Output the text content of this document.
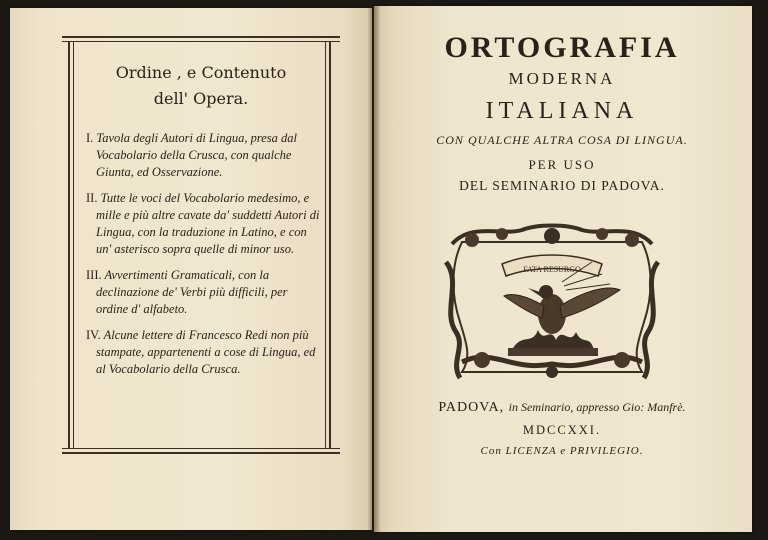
Ordine , e Contenuto
dell' Opera.

I. Tavola degli Autori di Lingua, presa dal Vocabolario della Crusca, con qualche Giunta, ed Osservazione.

II. Tutte le voci del Vocabolario medesimo, e mille e più altre cavate da' suddetti Autori di Lingua, con la traduzione in Latino, e con un' asterisco sopra quelle di minor uso.

III. Avvertimenti Gramaticali, con la declinazione de' Verbi più difficili, per ordine d' alfabeto.

IV. Alcune lettere di Francesco Redi non più stampate, appartenenti a cose di Lingua, ed al Vocabolario della Crusca.

ORTOGRAFIA
MODERNA
ITALIANA
CON QUALCHE ALTRA COSA DI LINGUA.
PER USO
DEL SEMINARIO DI PADOVA.
FATA RESURGO
PADOVA, in Seminario, appresso Gio: Manfrè.
MDCCXXI.
Con LICENZA e PRIVILEGIO.
